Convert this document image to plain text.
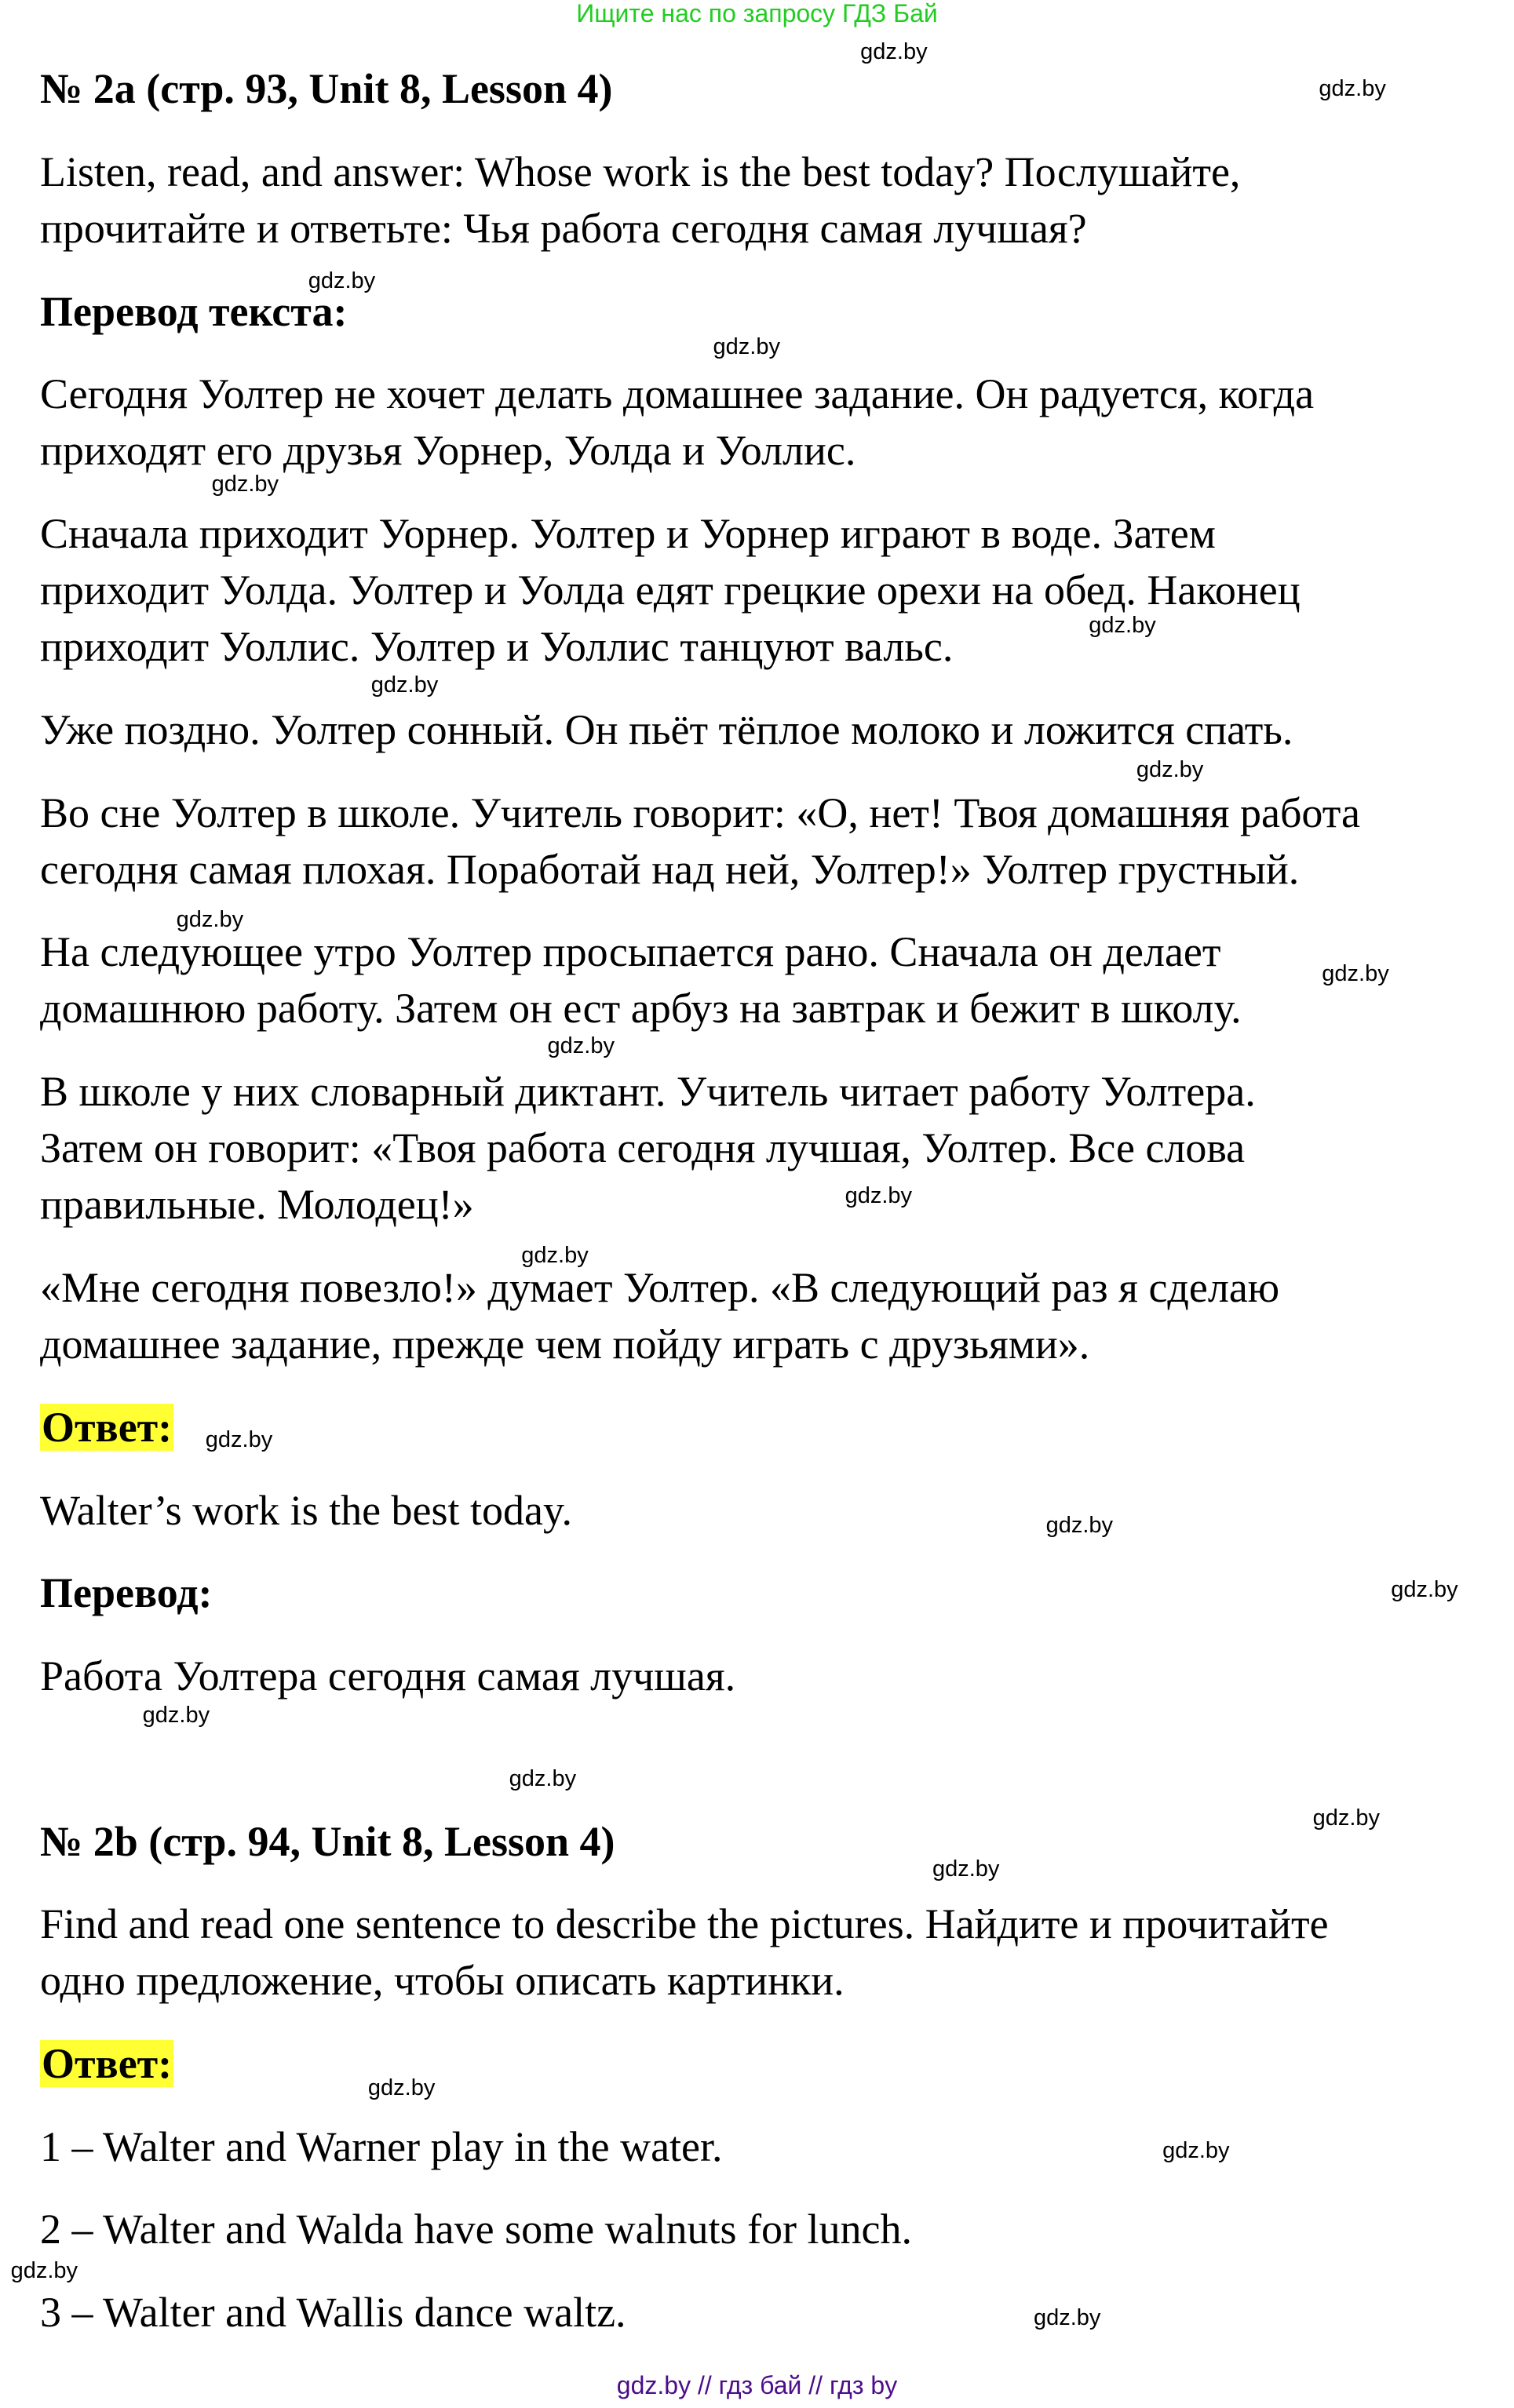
Ищите нас по запросу ГДЗ Бай
№ 2a (стр. 93, Unit 8, Lesson 4)
Listen, read, and answer: Whose work is the best today? Послушайте,
прочитайте и ответьте: Чья работа сегодня самая лучшая?
Перевод текста:
Сегодня Уолтер не хочет делать домашнее задание. Он радуется, когда
приходят его друзья Уорнер, Уолда и Уоллис.
Сначала приходит Уорнер. Уолтер и Уорнер играют в воде. Затем
приходит Уолда. Уолтер и Уолда едят грецкие орехи на обед. Наконец
приходит Уоллис. Уолтер и Уоллис танцуют вальс.
Уже поздно. Уолтер сонный. Он пьёт тёплое молоко и ложится спать.
Во сне Уолтер в школе. Учитель говорит: «О, нет! Твоя домашняя работа
сегодня самая плохая. Поработай над ней, Уолтер!» Уолтер грустный.
На следующее утро Уолтер просыпается рано. Сначала он делает
домашнюю работу. Затем он ест арбуз на завтрак и бежит в школу.
В школе у них словарный диктант. Учитель читает работу Уолтера.
Затем он говорит: «Твоя работа сегодня лучшая, Уолтер. Все слова
правильные. Молодец!»
«Мне сегодня повезло!» думает Уолтер. «В следующий раз я сделаю
домашнее задание, прежде чем пойду играть с друзьями».
Ответ:
Walter’s work is the best today.
Перевод:
Работа Уолтера сегодня самая лучшая.
№ 2b (стр. 94, Unit 8, Lesson 4)
Find and read one sentence to describe the pictures. Найдите и прочитайте
одно предложение, чтобы описать картинки.
Ответ:
1 – Walter and Warner play in the water.
2 – Walter and Walda have some walnuts for lunch.
3 – Walter and Wallis dance waltz.
gdz.by // гдз бай // гдз by
gdz.by
gdz.by
gdz.by
gdz.by
gdz.by
gdz.by
gdz.by
gdz.by
gdz.by
gdz.by
gdz.by
gdz.by
gdz.by
gdz.by
gdz.by
gdz.by
gdz.by
gdz.by
gdz.by
gdz.by
gdz.by
gdz.by
gdz.by
gdz.by
